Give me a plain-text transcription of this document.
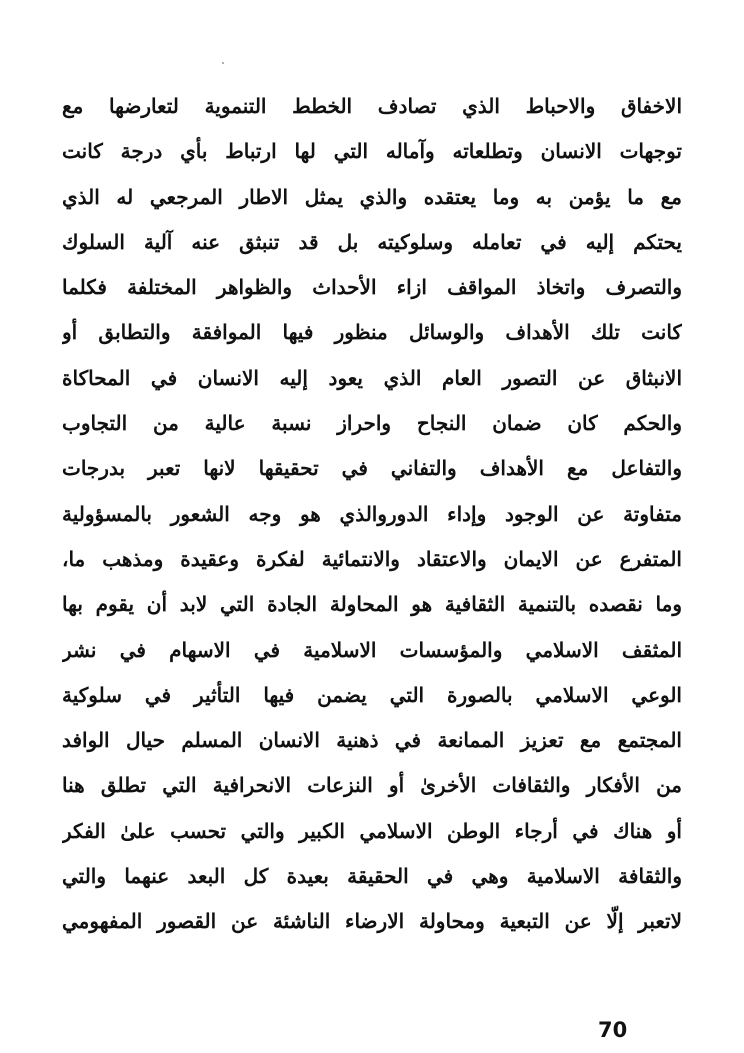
الاخفاق والاحباط الذي تصادف الخطط التنموية لتعارضها مع
توجهات الانسان وتطلعاته وآماله التي لها ارتباط بأي درجة كانت
مع ما يؤمن به وما يعتقده والذي يمثل الاطار المرجعي له الذي
يحتكم إليه في تعامله وسلوكيته بل قد تنبثق عنه آلية السلوك
والتصرف واتخاذ المواقف ازاء الأحداث والظواهر المختلفة فكلما
كانت تلك الأهداف والوسائل منظور فيها الموافقة والتطابق أو
الانبثاق عن التصور العام الذي يعود إليه الانسان في المحاكاة
والحكم كان ضمان النجاح واحراز نسبة عالية من التجاوب
والتفاعل مع الأهداف والتفاني في تحقيقها لانها تعبر بدرجات
متفاوتة عن الوجود وإداء الدوروالذي هو وجه الشعور بالمسؤولية
المتفرع عن الايمان والاعتقاد والانتمائية لفكرة وعقيدة ومذهب ما،
وما نقصده بالتنمية الثقافية هو المحاولة الجادة التي لابد أن يقوم بها
المثقف الاسلامي والمؤسسات الاسلامية في الاسهام في نشر
الوعي الاسلامي بالصورة التي يضمن فيها التأثير في سلوكية
المجتمع مع تعزيز الممانعة في ذهنية الانسان المسلم حيال الوافد
من الأفكار والثقافات الأخرىٰ أو النزعات الانحرافية التي تطلق هنا
أو هناك في أرجاء الوطن الاسلامي الكبير والتي تحسب علىٰ الفكر
والثقافة الاسلامية وهي في الحقيقة بعيدة كل البعد عنهما والتي
لاتعبر إلّا عن التبعية ومحاولة الارضاء الناشئة عن القصور المفهومي
70
